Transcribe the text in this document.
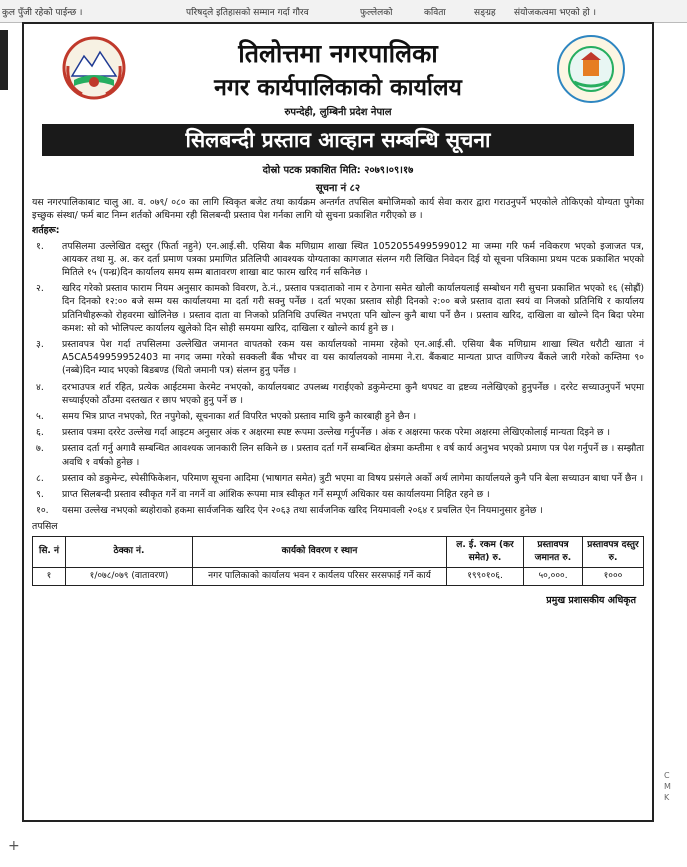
कुल पुँजी रहेको पाईन्छ ।	परिषद्ले इतिहासको सम्मान गर्दा गौरव	फुल्लेलको	कविता	सङ्ग्रह संयोजकत्वमा भएको हो ।
तिलोत्तमा नगरपालिका
नगर कार्यपालिकाको कार्यालय
रुपन्देही, लुम्बिनी प्रदेश नेपाल
सिलबन्दी प्रस्ताव आव्हान सम्बन्धि सूचना
दोस्रो पटक प्रकाशित मिति: २०७९।०९।१७
सूचना नं ८२

यस नगरपालिकाबाट चालु आ. व. ०७९/ ०८० का लागि स्विकृत बजेट तथा कार्यक्रम अन्तर्गत तपसिल बमोजिमको कार्य सेवा करार द्वारा गराउनुपर्ने भएकोले तोकिएको योग्यता पुगेका इच्छुक संस्था/ फर्म बाट निम्न शर्तको अधिनमा रही सिलबन्दी प्रस्ताव पेश गर्नका लागि यो सुचना प्रकाशित गरीएको छ ।

शर्तहरू:
१.	तपसिलमा उल्लेखित दस्तुर (फिर्ता नहुने) एन.आई.सी. एसिया बैक मणिग्राम शाखा स्थित 1052055499599012 मा जम्मा गरि फर्म नविकरण भएको इजाजत पत्र, आयकर तथा मु. अ. कर दर्ता प्रमाण पत्रका प्रमाणित प्रतिलिपी आवश्यक योग्यताका कागजात संलग्न गरी लिखित निवेदन दिई यो सूचना पत्रिकामा प्रथम पटक प्रकाशित भएको मितिले १५ (पन्ध्र)दिन कार्यालय समय सम्म बातावरण शाखा बाट फारम खरिद गर्न सकिनेछ ।
२.	खरिद गरेको प्रस्ताव फाराम नियम अनुसार कामको विवरण, ठे.नं., प्रस्ताव पत्रदाताको नाम र ठेगाना समेत खोली कार्यालयलाई सम्बोधन गरी सुचना प्रकाशित भएको १६ (सोह्रौं) दिन दिनको १२:०० बजे सम्म यस कार्यालयमा मा दर्ता गरी सक्नु पर्नेछ । दर्ता भएका प्रस्ताव सोही दिनको २:०० बजे प्रस्ताव दाता स्वयं वा निजको प्रतिनिधि र कार्यालय प्रतिनिधीहरूको रोहवरमा खोलिनेछ । प्रस्ताव दाता वा निजको प्रतिनिधि उपस्थित नभएता पनि खोल्न कुनै बाधा पर्ने छैन । प्रस्ताव खरिद, दाखिला वा खोल्ने दिन बिदा परेमा कमश: सो को भोलिपल्ट कार्यालय खुलेको दिन सोही समयमा खरिद, दाखिला र खोल्ने कार्य हुने छ ।
३.	प्रस्तावपत्र पेश गर्दा तपसिलमा उल्लेखित जमानत वापतको रकम यस कार्यालयको नाममा रहेको एन.आई.सी. एसिया बैक मणिग्राम शाखा स्थित धरौटी खाता नं A5CA549959952403 मा नगद जम्मा गरेको सक्कली बैंक भौचर वा यस कार्यालयको नाममा ने.रा. बैंकबाट मान्यता प्राप्त वाणिज्य बैंकले जारी गरेको कम्तिमा ९० (नब्बे)दिन म्याद भएको बिडबण्ड (धितो जमानी पत्र) संलग्न हुनु पर्नेछ ।
४.	दरभाउपत्र शर्त रहित, प्रत्येक आईटममा केरमेट नभएको, कार्यालयबाट उपलब्ध गराईएको डकुमेन्टमा कुनै थपघट वा द्रष्टव्य नलेखिएको हुनुपर्नेछ । दररेट सच्याउनुपर्ने भएमा सच्याईएको ठाँउमा दस्तखत र छाप भएको हुनु पर्ने छ ।
५.	समय भित्र प्राप्त नभएको, रित नपुगेको, सूचनाका शर्त विपरित भएको प्रस्ताव माथि कुनै कारबाही हुने छैन ।
६.	प्रस्ताव पत्रमा दररेट उल्लेख गर्दा आइटम अनुसार अंक र अक्षरमा स्पष्ट रूपमा उल्लेख गर्नुपर्नेछ । अंक र अक्षरमा फरक परेमा अक्षरमा लेखिएकोलाई मान्यता दिइने छ ।
७.	प्रस्ताव दर्ता गर्नु अगावै सम्बन्धित आवश्यक जानकारी लिन सकिने छ । प्रस्ताव दर्ता गर्ने सम्बन्धित क्षेत्रमा कम्तीमा १ वर्ष कार्य अनुभव भएको प्रमाण पत्र पेश गर्नुपर्ने छ । सम्झौता अवधि १ वर्षको हुनेछ ।
८.	प्रस्ताव को डकुमेन्ट, स्पेसीफिकेशन, परिमाण सूचना आदिमा (भाषागत समेत) त्रुटी भएमा वा विषय प्रसंगले अर्को अर्थ लागेमा कार्यालयले कुनै पनि बेला सच्याउन बाधा पर्ने छैन ।
९.	प्राप्त सिलबन्दी प्रस्ताव स्वीकृत गर्ने वा नगर्ने वा आंशिक रूपमा मात्र स्वीकृत गर्ने सम्पूर्ण अधिकार यस कार्यालयमा निहित रहने छ ।
१०.	यसमा उल्लेख नभएको ब्यहोराको हकमा सार्वजनिक खरिद ऐन २०६३ तथा सार्वजनिक खरिद नियमावली २०६४ र प्रचलित ऐन नियमानुसार हुनेछ ।
तपसिल
सि. नं	ठेक्का नं.	कार्यको विवरण र स्थान	ल. ई. रकम (कर समेत) रु.	प्रस्तावपत्र जमानत रु.	प्रस्तावपत्र दस्तुर रु.
१	१/०७८/०७९ (वातावरण)	नगर पालिकाको कार्यालय भवन र कार्यलय परिसर सरसफाई गर्ने कार्य	१९९०१०६.	५०,०००.	१०००
प्रमुख प्रशासकीय अधिकृत
C
M
K
+
